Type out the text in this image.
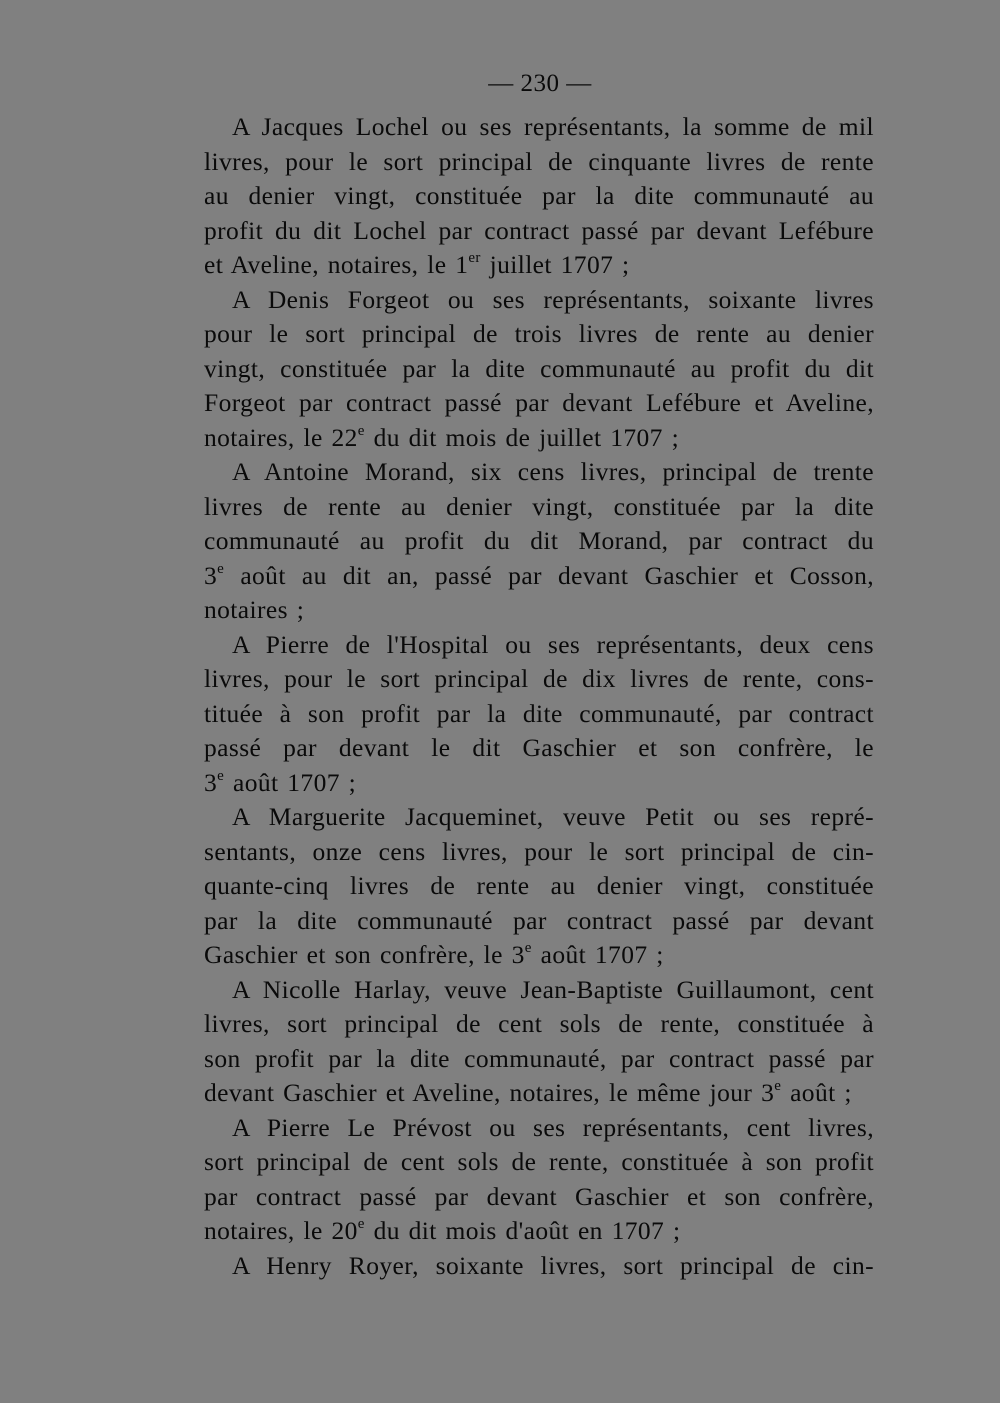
— 230 —

A Jacques Lochel ou ses représentants, la somme de mil
livres, pour le sort principal de cinquante livres de rente
au denier vingt, constituée par la dite communauté au
profit du dit Lochel par contract passé par devant Lefébure
et Aveline, notaires, le 1er juillet 1707 ;

A Denis Forgeot ou ses représentants, soixante livres
pour le sort principal de trois livres de rente au denier
vingt, constituée par la dite communauté au profit du dit
Forgeot par contract passé par devant Lefébure et Aveline,
notaires, le 22e du dit mois de juillet 1707 ;

A Antoine Morand, six cens livres, principal de trente
livres de rente au denier vingt, constituée par la dite
communauté au profit du dit Morand, par contract du
3e août au dit an, passé par devant Gaschier et Cosson,
notaires ;

A Pierre de l'Hospital ou ses représentants, deux cens
livres, pour le sort principal de dix livres de rente, cons-
tituée à son profit par la dite communauté, par contract
passé par devant le dit Gaschier et son confrère, le
3e août 1707 ;

A Marguerite Jacqueminet, veuve Petit ou ses repré-
sentants, onze cens livres, pour le sort principal de cin-
quante-cinq livres de rente au denier vingt, constituée
par la dite communauté par contract passé par devant
Gaschier et son confrère, le 3e août 1707 ;

A Nicolle Harlay, veuve Jean-Baptiste Guillaumont, cent
livres, sort principal de cent sols de rente, constituée à
son profit par la dite communauté, par contract passé par
devant Gaschier et Aveline, notaires, le même jour 3e août ;

A Pierre Le Prévost ou ses représentants, cent livres,
sort principal de cent sols de rente, constituée à son profit
par contract passé par devant Gaschier et son confrère,
notaires, le 20e du dit mois d'août en 1707 ;

A Henry Royer, soixante livres, sort principal de cin-
